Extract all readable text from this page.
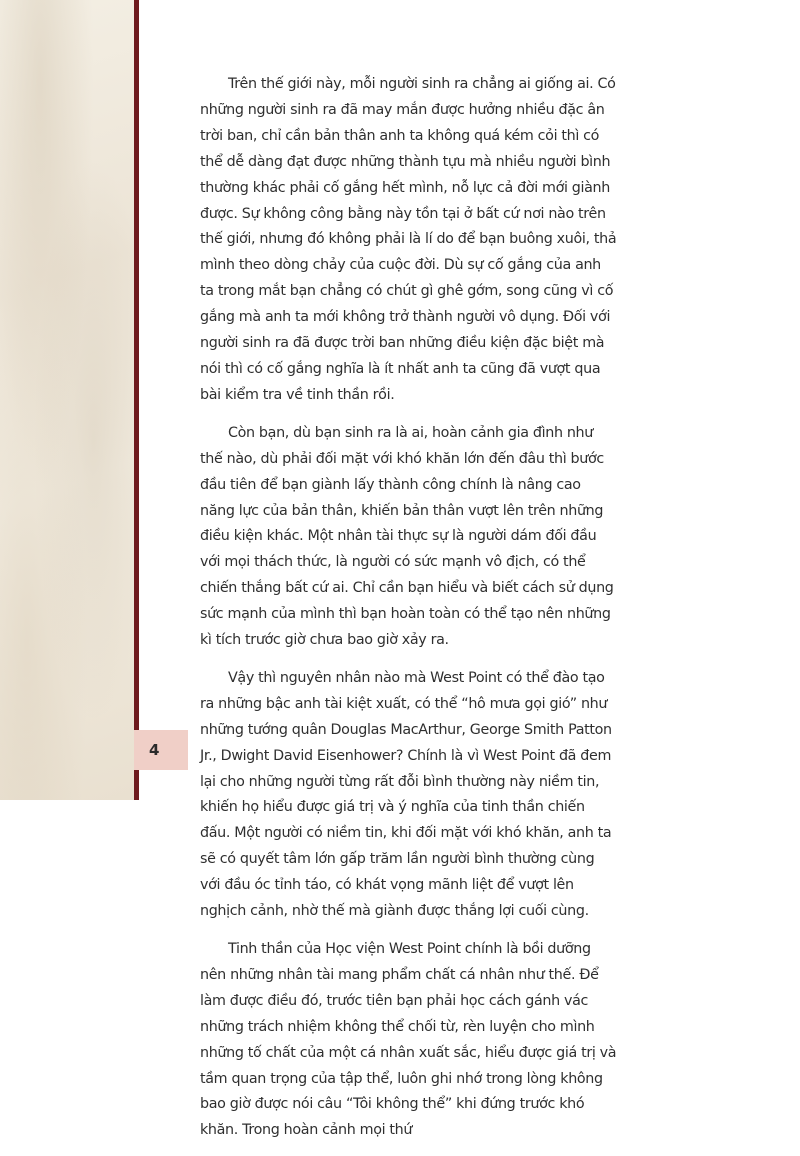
4

Trên thế giới này, mỗi người sinh ra chẳng ai giống ai. Có những người sinh ra đã may mắn được hưởng nhiều đặc ân trời ban, chỉ cần bản thân anh ta không quá kém cỏi thì có thể dễ dàng đạt được những thành tựu mà nhiều người bình thường khác phải cố gắng hết mình, nỗ lực cả đời mới giành được. Sự không công bằng này tồn tại ở bất cứ nơi nào trên thế giới, nhưng đó không phải là lí do để bạn buông xuôi, thả mình theo dòng chảy của cuộc đời. Dù sự cố gắng của anh ta trong mắt bạn chẳng có chút gì ghê gớm, song cũng vì cố gắng mà anh ta mới không trở thành người vô dụng. Đối với người sinh ra đã được trời ban những điều kiện đặc biệt mà nói thì có cố gắng nghĩa là ít nhất anh ta cũng đã vượt qua bài kiểm tra về tinh thần rồi.

Còn bạn, dù bạn sinh ra là ai, hoàn cảnh gia đình như thế nào, dù phải đối mặt với khó khăn lớn đến đâu thì bước đầu tiên để bạn giành lấy thành công chính là nâng cao năng lực của bản thân, khiến bản thân vượt lên trên những điều kiện khác. Một nhân tài thực sự là người dám đối đầu với mọi thách thức, là người có sức mạnh vô địch, có thể chiến thắng bất cứ ai. Chỉ cần bạn hiểu và biết cách sử dụng sức mạnh của mình thì bạn hoàn toàn có thể tạo nên những kì tích trước giờ chưa bao giờ xảy ra.

Vậy thì nguyên nhân nào mà West Point có thể đào tạo ra những bậc anh tài kiệt xuất, có thể “hô mưa gọi gió” như những tướng quân Douglas MacArthur, George Smith Patton Jr., Dwight David Eisenhower? Chính là vì West Point đã đem lại cho những người từng rất đỗi bình thường này niềm tin, khiến họ hiểu được giá trị và ý nghĩa của tinh thần chiến đấu. Một người có niềm tin, khi đối mặt với khó khăn, anh ta sẽ có quyết tâm lớn gấp trăm lần người bình thường cùng với đầu óc tỉnh táo, có khát vọng mãnh liệt để vượt lên nghịch cảnh, nhờ thế mà giành được thắng lợi cuối cùng.

Tinh thần của Học viện West Point chính là bồi dưỡng nên những nhân tài mang phẩm chất cá nhân như thế. Để làm được điều đó, trước tiên bạn phải học cách gánh vác những trách nhiệm không thể chối từ, rèn luyện cho mình những tố chất của một cá nhân xuất sắc, hiểu được giá trị và tầm quan trọng của tập thể, luôn ghi nhớ trong lòng không bao giờ được nói câu “Tôi không thể” khi đứng trước khó khăn. Trong hoàn cảnh mọi thứ
